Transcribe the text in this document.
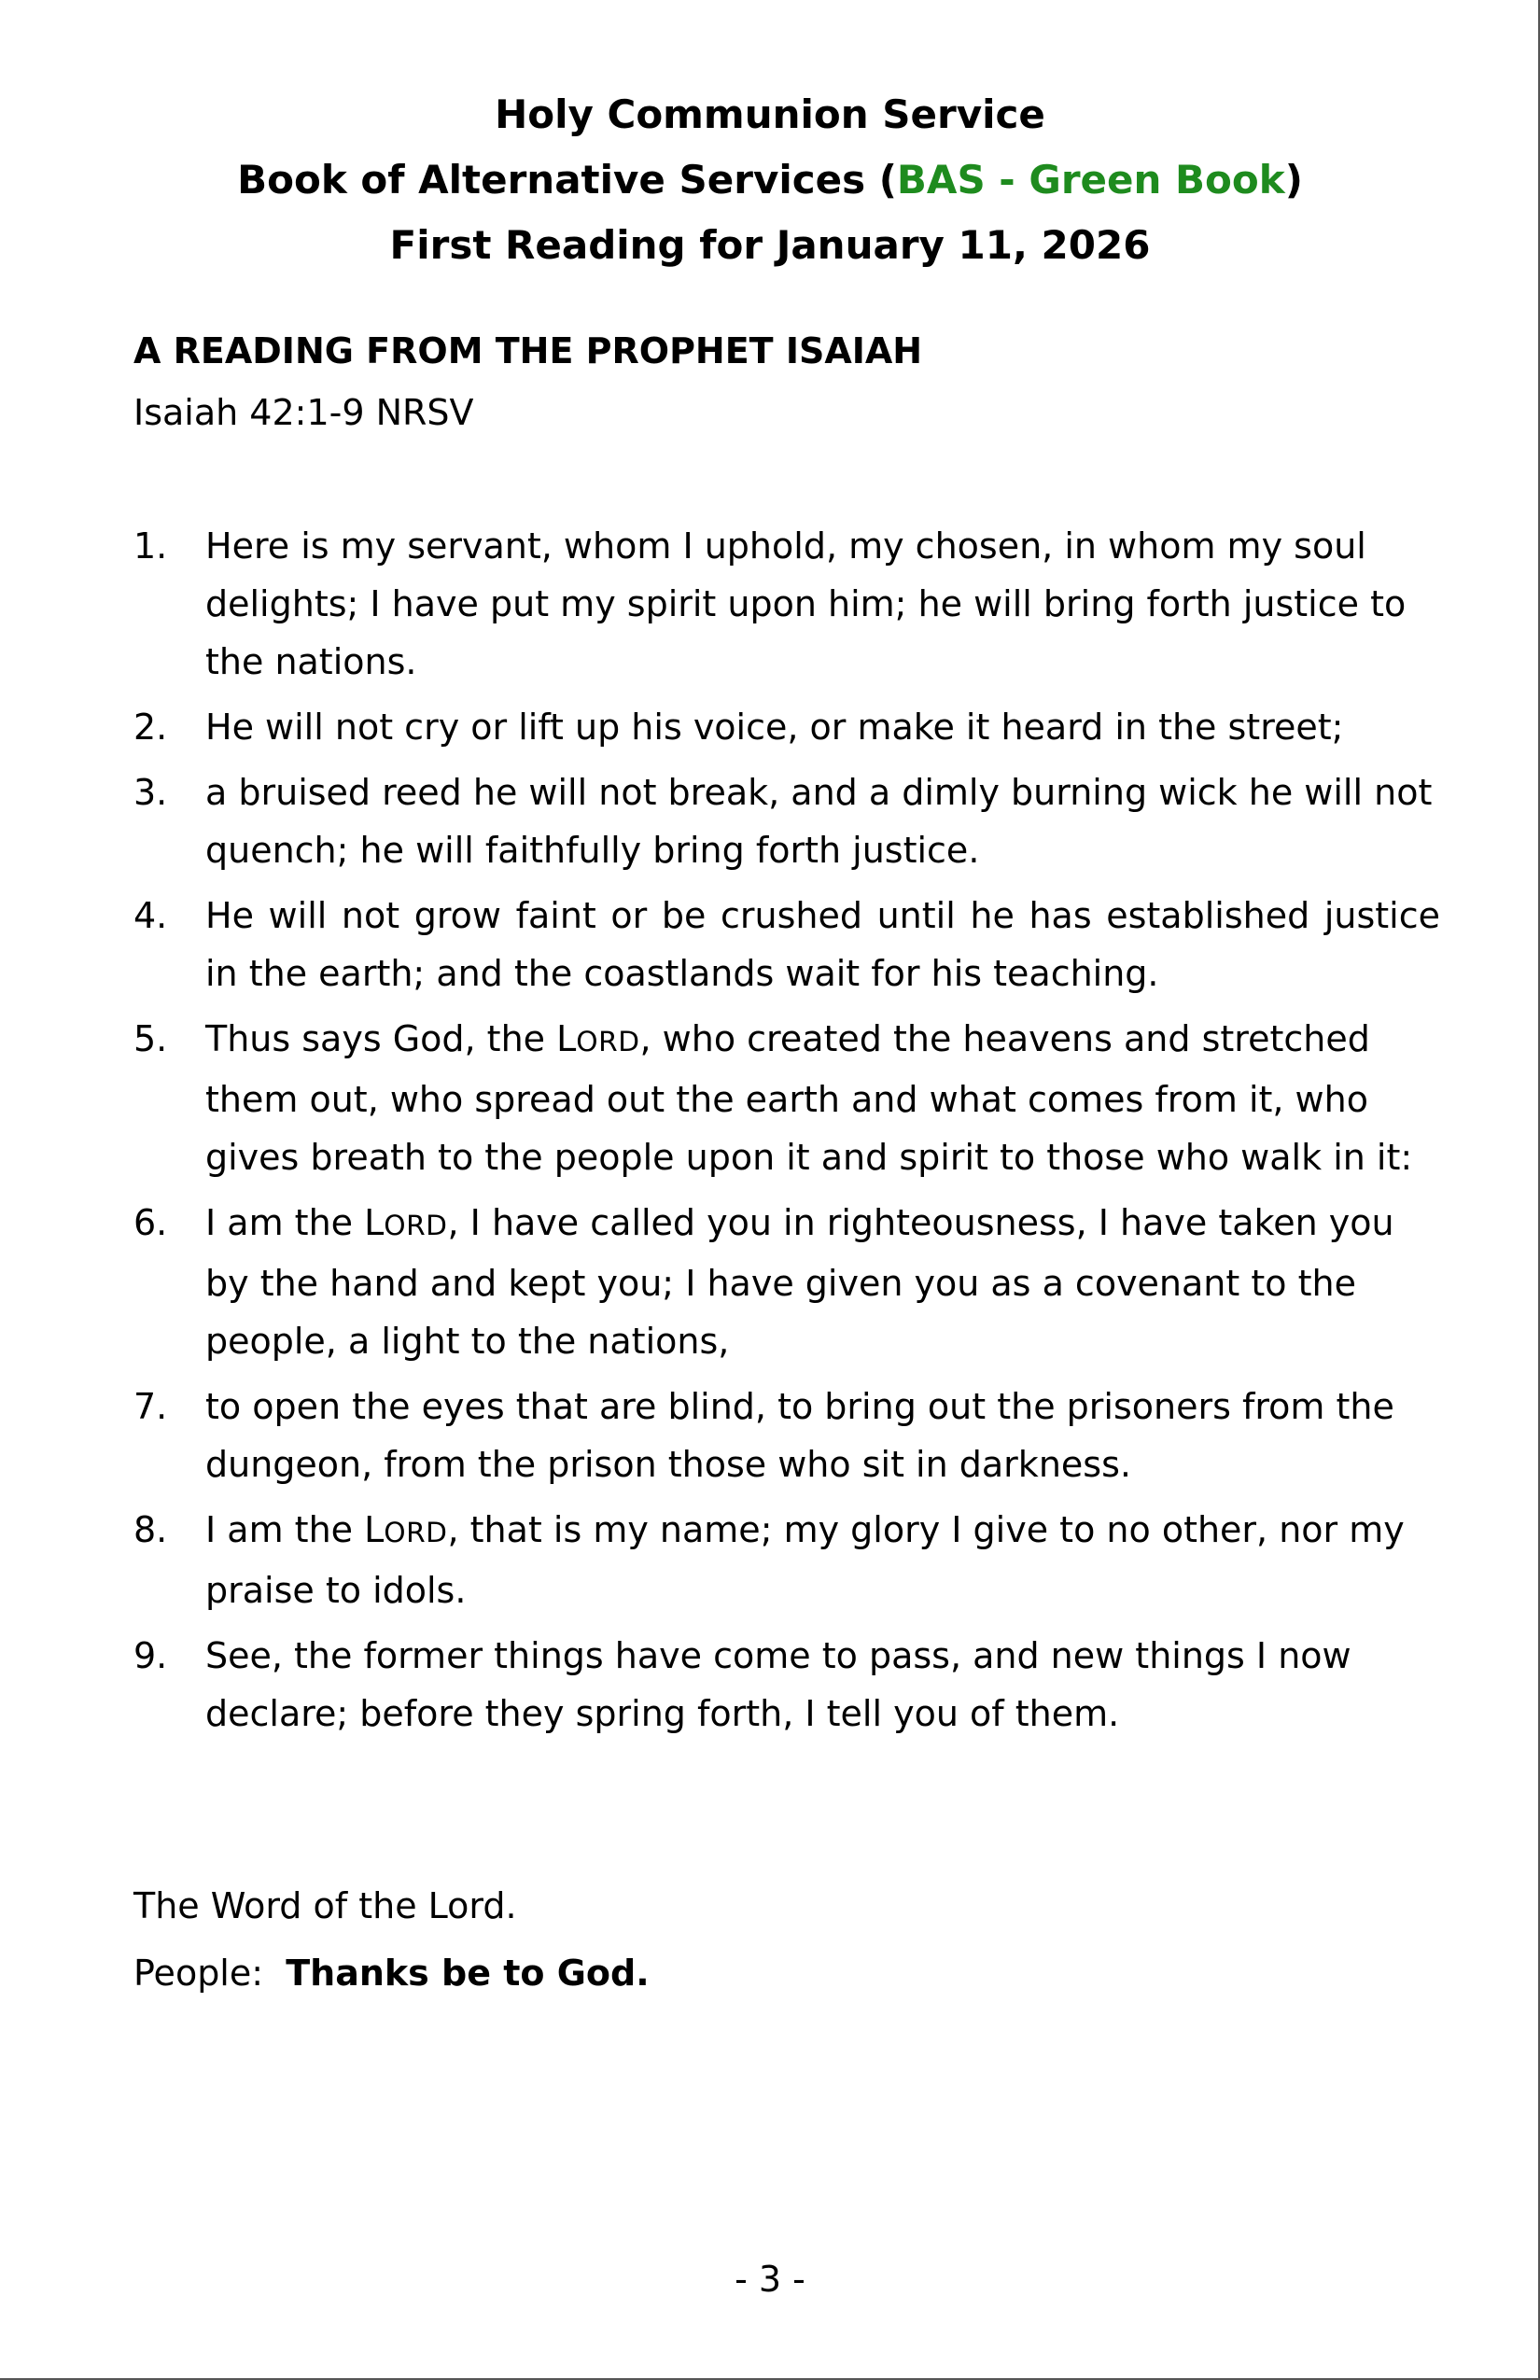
Holy Communion Service
Book of Alternative Services (BAS - Green Book)
First Reading for January 11, 2026
A READING FROM THE PROPHET ISAIAH
Isaiah 42:1-9 NRSV
1. Here is my servant, whom I uphold, my chosen, in whom my soul delights; I have put my spirit upon him; he will bring forth justice to the nations.
2. He will not cry or lift up his voice, or make it heard in the street;
3. a bruised reed he will not break, and a dimly burning wick he will not quench; he will faithfully bring forth justice.
4. He will not grow faint or be crushed until he has established justice in the earth; and the coastlands wait for his teaching.
5. Thus says God, the LORD, who created the heavens and stretched them out, who spread out the earth and what comes from it, who gives breath to the people upon it and spirit to those who walk in it:
6. I am the LORD, I have called you in righteousness, I have taken you by the hand and kept you; I have given you as a covenant to the people, a light to the nations,
7. to open the eyes that are blind, to bring out the prisoners from the dungeon, from the prison those who sit in darkness.
8. I am the LORD, that is my name; my glory I give to no other, nor my praise to idols.
9. See, the former things have come to pass, and new things I now declare; before they spring forth, I tell you of them.
The Word of the Lord.
People: Thanks be to God.
- 3 -
